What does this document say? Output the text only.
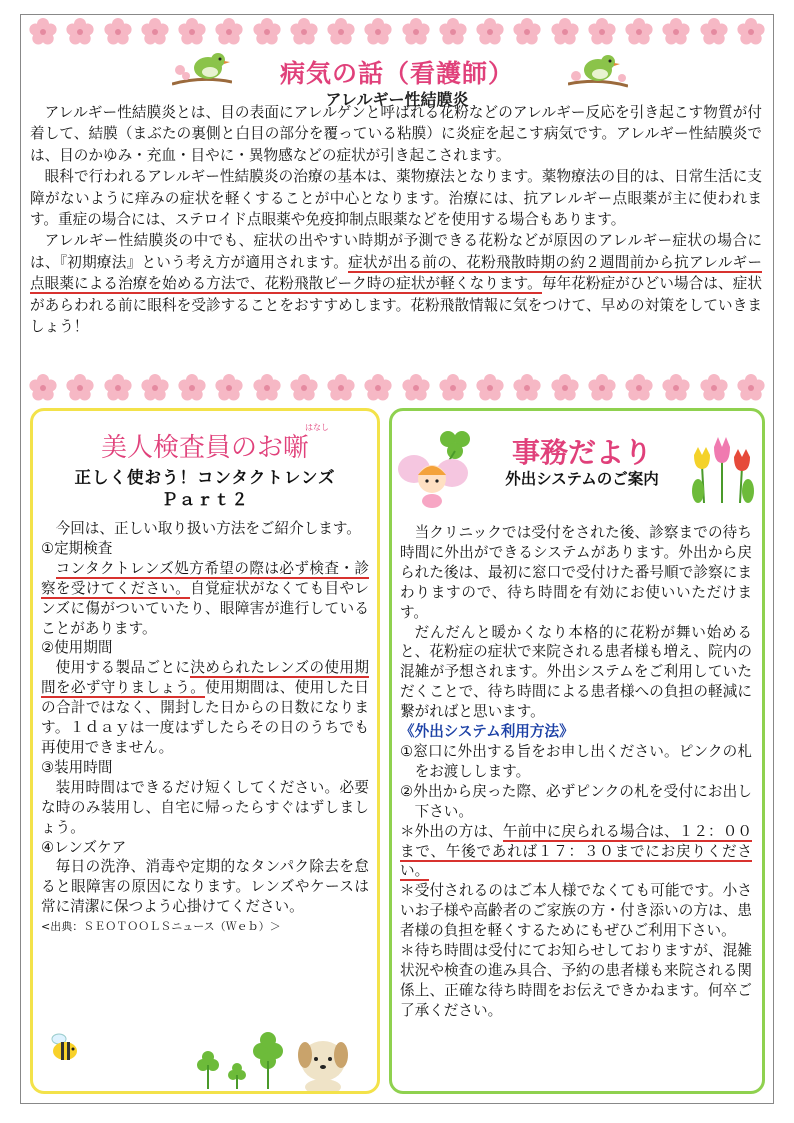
病気の話（看護師）
アレルギー性結膜炎

アレルギー性結膜炎とは、目の表面にアレルゲンと呼ばれる花粉などのアレルギー反応を引き起こす物質が付着して、結膜（まぶたの裏側と白目の部分を覆っている粘膜）に炎症を起こす病気です。アレルギー性結膜炎では、目のかゆみ・充血・目やに・異物感などの症状が引き起こされます。

眼科で行われるアレルギー性結膜炎の治療の基本は、薬物療法となります。薬物療法の目的は、日常生活に支障がないように痒みの症状を軽くすることが中心となります。治療には、抗アレルギー点眼薬が主に使われます。重症の場合には、ステロイド点眼薬や免疫抑制点眼薬などを使用する場合もあります。

アレルギー性結膜炎の中でも、症状の出やすい時期が予測できる花粉などが原因のアレルギー症状の場合には、『初期療法』という考え方が適用されます。症状が出る前の、花粉飛散時期の約２週間前から抗アレルギー点眼薬による治療を始める方法で、花粉飛散ピーク時の症状が軽くなります。毎年花粉症がひどい場合は、症状があらわれる前に眼科を受診することをおすすめします。花粉飛散情報に気をつけて、早めの対策をしていきましょう！

美人検査員のお噺
はなし
正しく使おう！コンタクトレンズ
Ｐａｒｔ２

今回は、正しい取り扱い方法をご紹介します。

①定期検査

コンタクトレンズ処方希望の際は必ず検査・診察を受けてください。自覚症状がなくても目やレンズに傷がついていたり、眼障害が進行していることがあります。

②使用期間

使用する製品ごとに決められたレンズの使用期間を必ず守りましょう。使用期間は、使用した日の合計ではなく、開封した日からの日数になります。１ｄａｙは一度はずしたらその日のうちでも再使用できません。

③装用時間

装用時間はできるだけ短くしてください。必要な時のみ装用し、自宅に帰ったらすぐはずしましょう。

④レンズケア

毎日の洗浄、消毒や定期的なタンパク除去を怠ると眼障害の原因になります。レンズやケースは常に清潔に保つよう心掛けてください。

<出典：ＳＥＯＴＯＯＬＳニュース（Ｗｅｂ）＞

事務だより
外出システムのご案内

当クリニックでは受付をされた後、診察までの待ち時間に外出ができるシステムがあります。外出から戻られた後は、最初に窓口で受付けた番号順で診察にまわりますので、待ち時間を有効にお使いいただけます。

だんだんと暖かくなり本格的に花粉が舞い始めると、花粉症の症状で来院される患者様も増え、院内の混雑が予想されます。外出システムをご利用していただくことで、待ち時間による患者様への負担の軽減に繋がればと思います。

《外出システム利用方法》

①窓口に外出する旨をお申し出ください。ピンクの札をお渡しします。

②外出から戻った際、必ずピンクの札を受付にお出し下さい。

＊外出の方は、午前中に戻られる場合は、１２：００まで、午後であれば１７：３０までにお戻りください。

＊受付されるのはご本人様でなくても可能です。小さいお子様や高齢者のご家族の方・付き添いの方は、患者様の負担を軽くするためにもぜひご利用下さい。

＊待ち時間は受付にてお知らせしておりますが、混雑状況や検査の進み具合、予約の患者様も来院される関係上、正確な待ち時間をお伝えできかねます。何卒ご了承ください。
